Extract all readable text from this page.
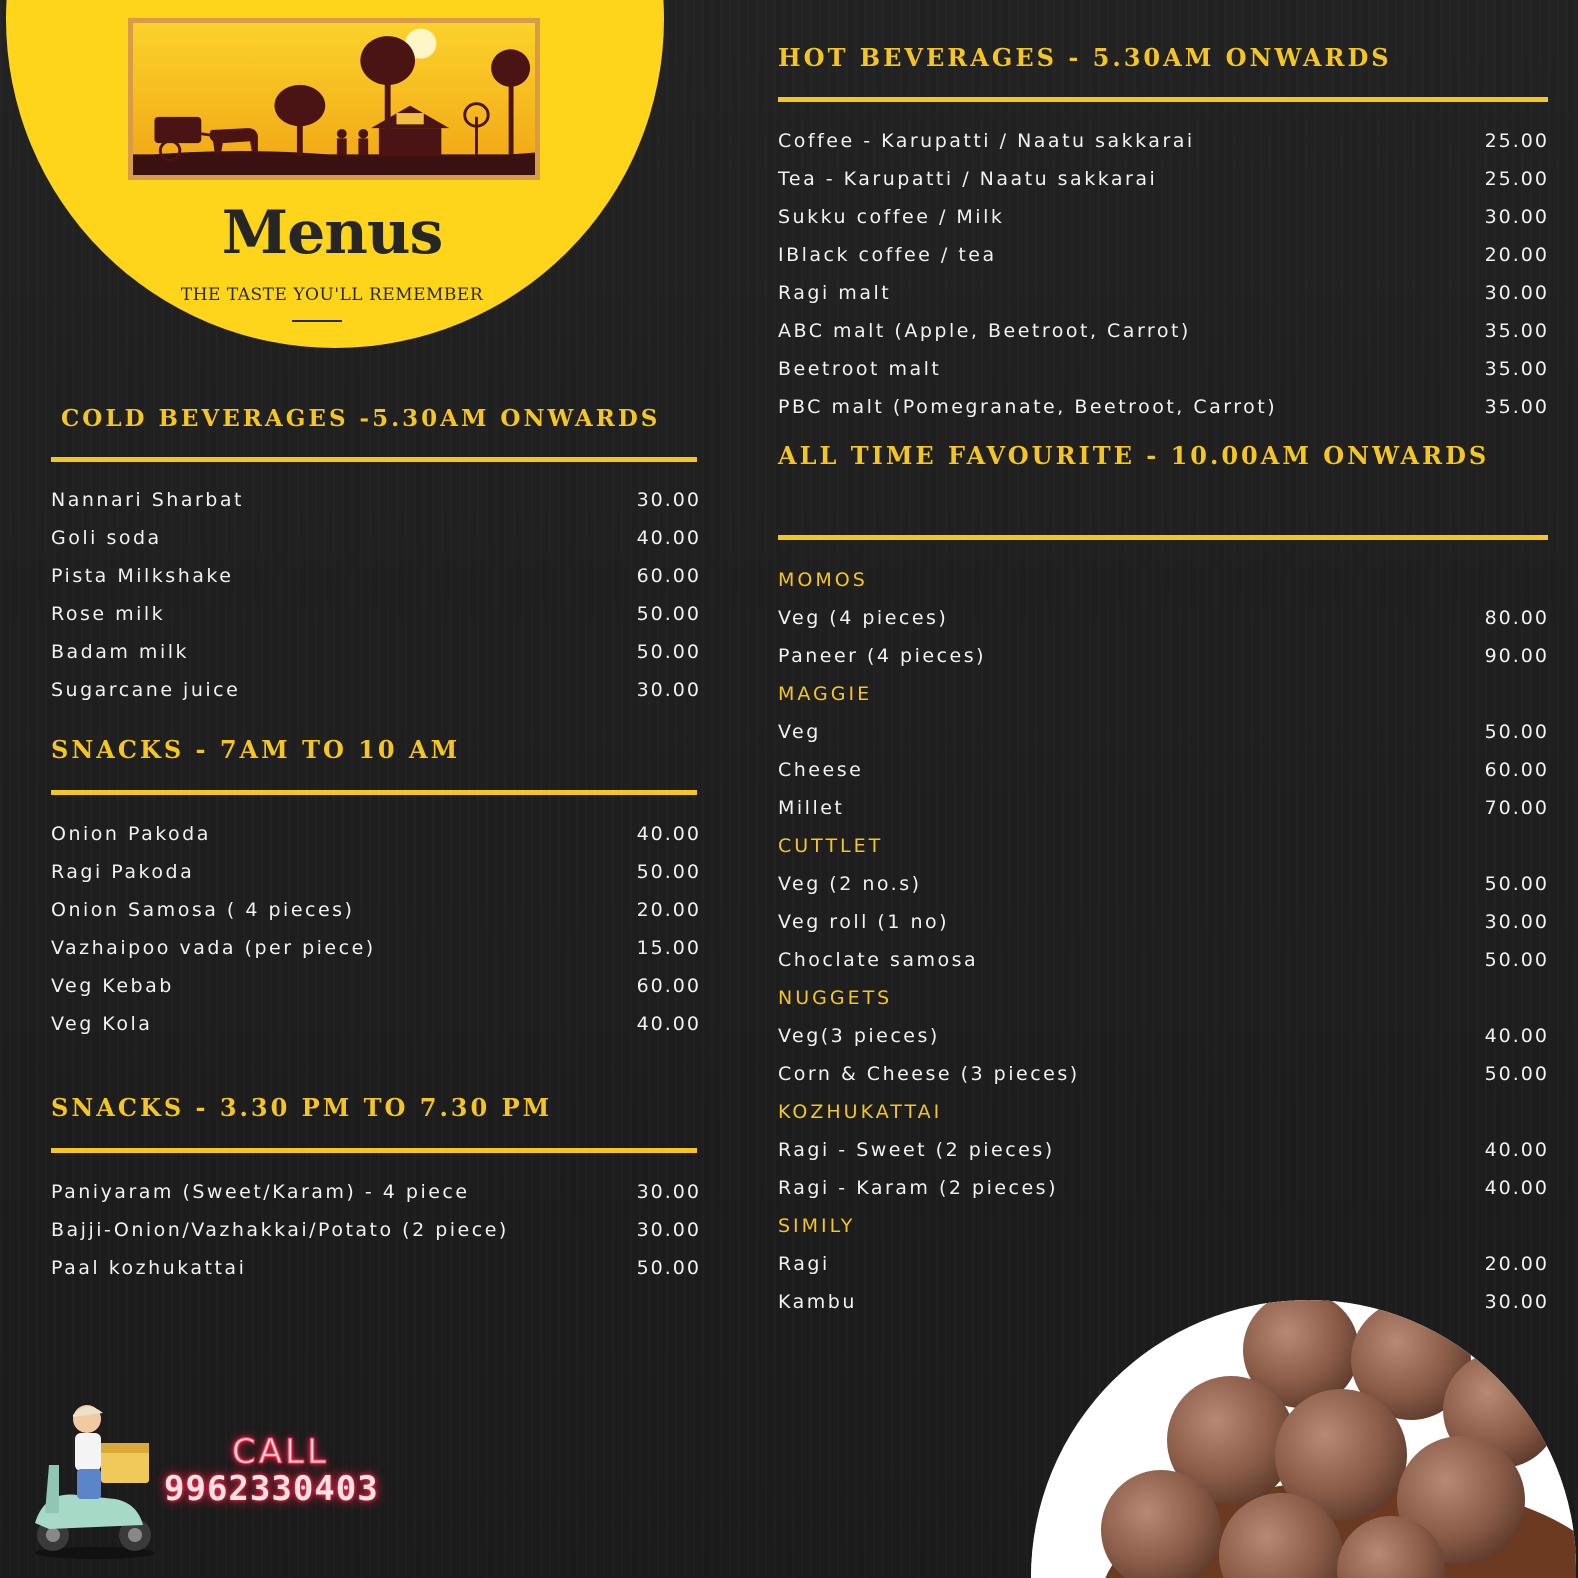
Menus
THE TASTE YOU'LL REMEMBER
COLD BEVERAGES -5.30AM ONWARDS
Nannari Sharbat	30.00
Goli soda	40.00
Pista Milkshake	60.00
Rose milk	50.00
Badam milk	50.00
Sugarcane juice	30.00
SNACKS - 7AM TO 10 AM
Onion Pakoda	40.00
Ragi Pakoda	50.00
Onion Samosa ( 4 pieces)	20.00
Vazhaipoo vada (per piece)	15.00
Veg Kebab	60.00
Veg Kola	40.00
SNACKS - 3.30 PM TO 7.30 PM
Paniyaram (Sweet/Karam) - 4 piece	30.00
Bajji-Onion/Vazhakkai/Potato (2 piece)	30.00
Paal kozhukattai	50.00
HOT BEVERAGES - 5.30AM ONWARDS
Coffee - Karupatti / Naatu sakkarai	25.00
Tea - Karupatti / Naatu sakkarai	25.00
Sukku coffee / Milk	30.00
IBlack coffee / tea	20.00
Ragi malt	30.00
ABC malt (Apple, Beetroot, Carrot)	35.00
Beetroot malt	35.00
PBC malt (Pomegranate, Beetroot, Carrot)	35.00
ALL TIME FAVOURITE - 10.00AM ONWARDS
MOMOS
Veg (4 pieces)	80.00
Paneer (4 pieces)	90.00
MAGGIE
Veg	50.00
Cheese	60.00
Millet	70.00
CUTTLET
Veg (2 no.s)	50.00
Veg roll (1 no)	30.00
Choclate samosa	50.00
NUGGETS
Veg(3 pieces)	40.00
Corn & Cheese (3 pieces)	50.00
KOZHUKATTAI
Ragi - Sweet (2 pieces)	40.00
Ragi - Karam (2 pieces)	40.00
SIMILY
Ragi	20.00
Kambu	30.00
CALL
9962330403
